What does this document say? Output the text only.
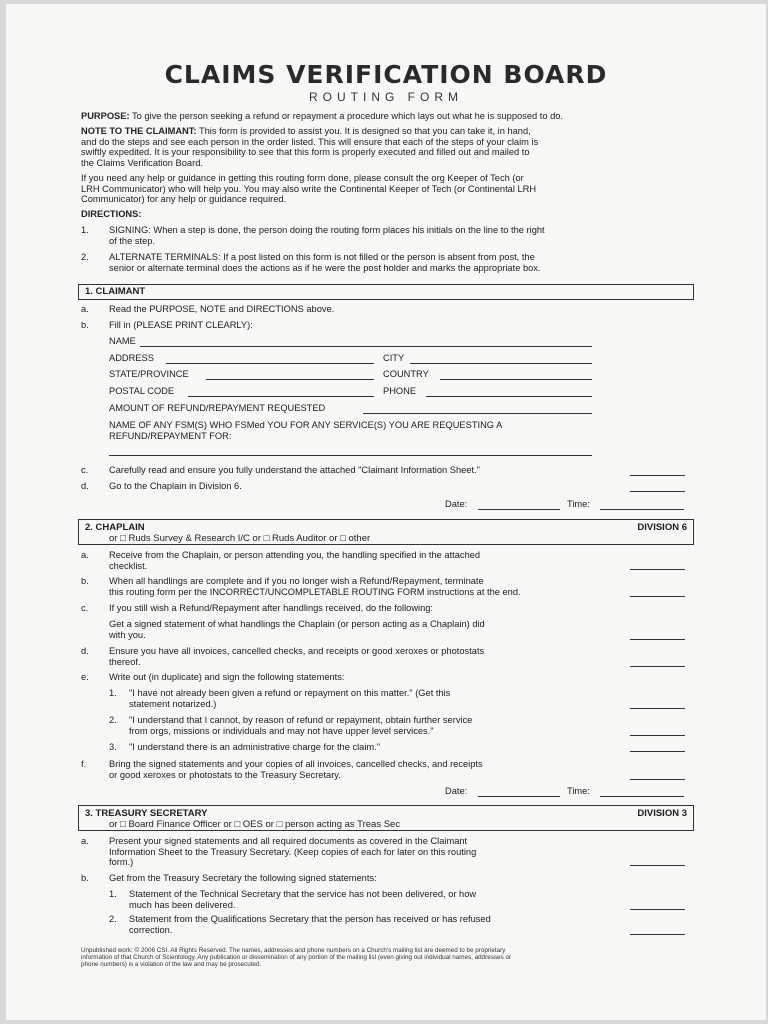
CLAIMS VERIFICATION BOARD
ROUTING FORM
PURPOSE: To give the person seeking a refund or repayment a procedure which lays out what he is supposed to do.
NOTE TO THE CLAIMANT: This form is provided to assist you. It is designed so that you can take it, in hand,
and do the steps and see each person in the order listed. This will ensure that each of the steps of your claim is
swiftly expedited. It is your responsibility to see that this form is properly executed and filled out and mailed to
the Claims Verification Board.
If you need any help or guidance in getting this routing form done, please consult the org Keeper of Tech (or
LRH Communicator) who will help you. You may also write the Continental Keeper of Tech (or Continental LRH
Communicator) for any help or guidance required.
DIRECTIONS:
1. SIGNING: When a step is done, the person doing the routing form places his initials on the line to the right
of the step.
2. ALTERNATE TERMINALS: If a post listed on this form is not filled or the person is absent from post, the
senior or alternate terminal does the actions as if he were the post holder and marks the appropriate box.
1. CLAIMANT
a. Read the PURPOSE, NOTE and DIRECTIONS above.
b. Fill in (PLEASE PRINT CLEARLY):
NAME
ADDRESS	CITY
STATE/PROVINCE	COUNTRY
POSTAL CODE	PHONE
AMOUNT OF REFUND/REPAYMENT REQUESTED
NAME OF ANY FSM(S) WHO FSMed YOU FOR ANY SERVICE(S) YOU ARE REQUESTING A
REFUND/REPAYMENT FOR:
c. Carefully read and ensure you fully understand the attached "Claimant Information Sheet."
d. Go to the Chaplain in Division 6.
Date:	Time:
2. CHAPLAIN	DIVISION 6
or □ Ruds Survey & Research I/C or □ Ruds Auditor or □ other
a. Receive from the Chaplain, or person attending you, the handling specified in the attached
checklist.
b. When all handlings are complete and if you no longer wish a Refund/Repayment, terminate
this routing form per the INCORRECT/UNCOMPLETABLE ROUTING FORM instructions at the end.
c. If you still wish a Refund/Repayment after handlings received, do the following:
Get a signed statement of what handlings the Chaplain (or person acting as a Chaplain) did
with you.
d. Ensure you have all invoices, cancelled checks, and receipts or good xeroxes or photostats
thereof.
e. Write out (in duplicate) and sign the following statements:
1. "I have not already been given a refund or repayment on this matter." (Get this
statement notarized.)
2. "I understand that I cannot, by reason of refund or repayment, obtain further service
from orgs, missions or individuals and may not have upper level services."
3. "I understand there is an administrative charge for the claim."
f. Bring the signed statements and your copies of all invoices, cancelled checks, and receipts
or good xeroxes or photostats to the Treasury Secretary.
Date:	Time:
3. TREASURY SECRETARY	DIVISION 3
or □ Board Finance Officer or □ OES or □ person acting as Treas Sec
a. Present your signed statements and all required documents as covered in the Claimant
Information Sheet to the Treasury Secretary. (Keep copies of each for later on this routing
form.)
b. Get from the Treasury Secretary the following signed statements:
1. Statement of the Technical Secretary that the service has not been delivered, or how
much has been delivered.
2. Statement from the Qualifications Secretary that the person has received or has refused
correction.
Unpublished work: © 2006 CSI. All Rights Reserved. The names, addresses and phone numbers on a Church's mailing list are deemed to be proprietary
information of that Church of Scientology. Any publication or dissemination of any portion of the mailing list (even giving out individual names, addresses or
phone numbers) is a violation of the law and may be prosecuted.
